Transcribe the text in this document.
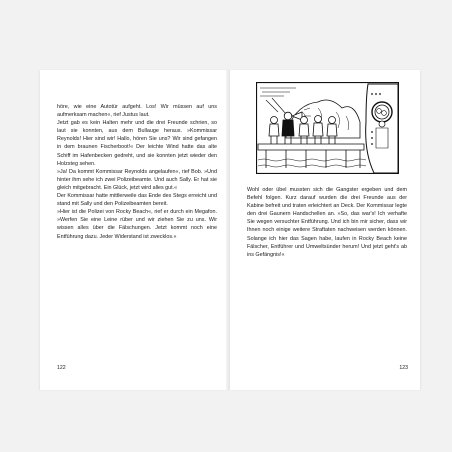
höre, wie eine Autotür aufgeht. Los! Wir müssen auf uns aufmerksam machen«, rief Justus laut.

Jetzt gab es kein Halten mehr und die drei Freunde schrien, so laut sie konnten, aus dem Bullauge heraus. »Kommissar Reynolds! Hier sind wir! Hallo, hören Sie uns? Wir sind gefangen in dem braunen Fischerboot!« Der leichte Wind hatte das alte Schiff im Hafenbecken gedreht, und sie konnten jetzt wieder den Holzsteg sehen.

»Ja! Da kommt Kommissar Reynolds angelaufen«, rief Bob. »Und hinter ihm sehe ich zwei Polizeibeamte. Und auch Sally. Er hat sie gleich mitgebracht. Ein Glück, jetzt wird alles gut.«

Der Kommissar hatte mittlerweile das Ende des Stegs erreicht und stand mit Sally und den Polizeibeamten bereit.

»Hier ist die Polizei von Rocky Beach«, rief er durch ein Megafon. »Werfen Sie eine Leine rüber und wir ziehen Sie zu uns. Wir wissen alles über die Fälschungen. Jetzt kommt noch eine Entführung dazu. Jeder Widerstand ist zwecklos.«

122

Wohl oder übel mussten sich die Gangster ergeben und dem Befehl folgen. Kurz darauf wurden die drei Freunde aus der Kabine befreit und traten erleichtert an Deck. Der Kommissar legte den drei Gaunern Handschellen an. »So, das war's! Ich verhafte Sie wegen versuchter Entführung. Und ich bin mir sicher, dass wir Ihnen noch einige weitere Straftaten nachweisen werden können. Solange ich hier das Sagen habe, laufen in Rocky Beach keine Fälscher, Entführer und Umweltsünder herum! Und jetzt geht's ab ins Gefängnis!«

123
